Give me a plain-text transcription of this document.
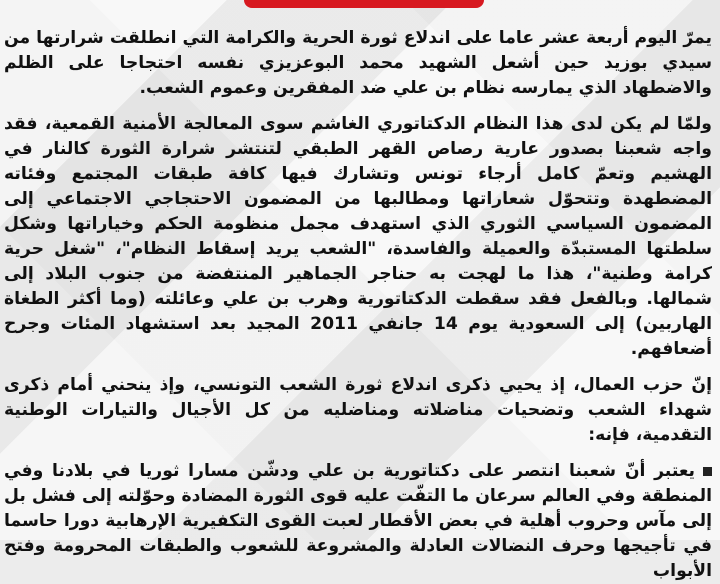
يمرّ اليوم أربعة عشر عاما على اندلاع ثورة الحرية والكرامة التي انطلقت شرارتها من سيدي بوزيد حين أشعل الشهيد محمد البوعزيزي نفسه احتجاجا على الظلم والاضطهاد الذي يمارسه نظام بن علي ضد المفقرين وعموم الشعب.

ولمّا لم يكن لدى هذا النظام الدكتاتوري الغاشم سوى المعالجة الأمنية القمعية، فقد واجه شعبنا بصدور عارية رصاص القهر الطبقي لتنتشر شرارة الثورة كالنار في الهشيم وتعمّ كامل أرجاء تونس وتشارك فيها كافة طبقات المجتمع وفئاته المضطهدة وتتحوّل شعاراتها ومطالبها من المضمون الاحتجاجي الاجتماعي إلى المضمون السياسي الثوري الذي استهدف مجمل منظومة الحكم وخياراتها وشكل سلطتها المستبدّة والعميلة والفاسدة، "الشعب يريد إسقاط النظام"، "شغل حرية كرامة وطنية"، هذا ما لهجت به حناجر الجماهير المنتفضة من جنوب البلاد إلى شمالها. وبالفعل فقد سقطت الدكتاتورية وهرب بن علي وعائلته (وما أكثر الطغاة الهاربين) إلى السعودية يوم 14 جانفي 2011 المجيد بعد استشهاد المئات وجرح أضعافهم.

إنّ حزب العمال، إذ يحيي ذكرى اندلاع ثورة الشعب التونسي، وإذ ينحني أمام ذكرى شهداء الشعب وتضحيات مناضلاته ومناضليه من كل الأجيال والتيارات الوطنية التقدمية، فإنه:

يعتبر أنّ شعبنا انتصر على دكتاتورية بن علي ودشّن مسارا ثوريا في بلادنا وفي المنطقة وفي العالم سرعان ما التفّت عليه قوى الثورة المضادة وحوّلته إلى فشل بل إلى مآس وحروب أهلية في بعض الأقطار لعبت القوى التكفيرية الإرهابية دورا حاسما في تأجيجها وحرف النضالات العادلة والمشروعة للشعوب والطبقات المحرومة وفتح الأبواب
